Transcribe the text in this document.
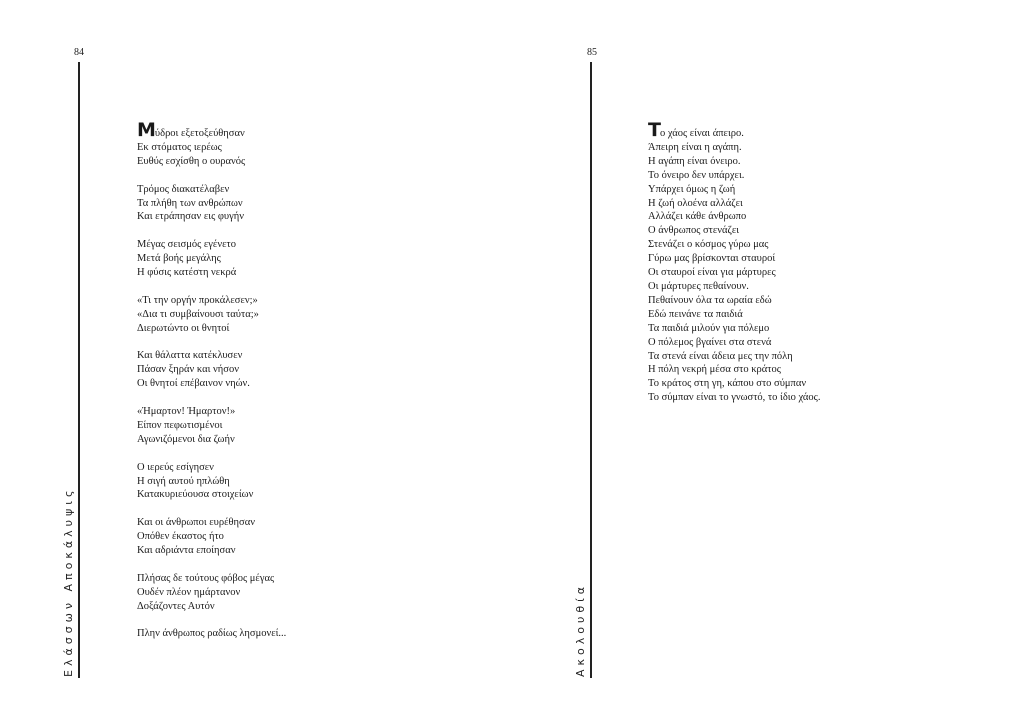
84
Ελάσσων Αποκάλυψις
Μύδροι εξετοξεύθησαν
Εκ στόματος ιερέως
Ευθύς εσχίσθη ο ουρανός
Τρόμος διακατέλαβεν
Τα πλήθη των ανθρώπων
Και ετράπησαν εις φυγήν
Μέγας σεισμός εγένετο
Μετά βοής μεγάλης
Η φύσις κατέστη νεκρά
«Τι την οργήν προκάλεσεν;»
«Δια τι συμβαίνουσι ταύτα;»
Διερωτώντο οι θνητοί
Και θάλαττα κατέκλυσεν
Πάσαν ξηράν και νήσον
Οι θνητοί επέβαινον νηών.
«Ήμαρτον! Ήμαρτον!»
Είπον πεφωτισμένοι
Αγωνιζόμενοι δια ζωήν
Ο ιερεύς εσίγησεν
Η σιγή αυτού ηπλώθη
Κατακυριεύουσα στοιχείων
Και οι άνθρωποι ευρέθησαν
Οπόθεν έκαστος ήτο
Και αδριάντα εποίησαν
Πλήσας δε τούτους φόβος μέγας
Ουδέν πλέον ημάρτανον
Δοξάζοντες Αυτόν
Πλην άνθρωπος ραδίως λησμονεί...
85
Ακολουθία
Το χάος είναι άπειρο.
Άπειρη είναι η αγάπη.
Η αγάπη είναι όνειρο.
Το όνειρο δεν υπάρχει.
Υπάρχει όμως η ζωή
Η ζωή ολοένα αλλάζει
Αλλάζει κάθε άνθρωπο
Ο άνθρωπος στενάζει
Στενάζει ο κόσμος γύρω μας
Γύρω μας βρίσκονται σταυροί
Οι σταυροί είναι για μάρτυρες
Οι μάρτυρες πεθαίνουν.
Πεθαίνουν όλα τα ωραία εδώ
Εδώ πεινάνε τα παιδιά
Τα παιδιά μιλούν για πόλεμο
Ο πόλεμος βγαίνει στα στενά
Τα στενά είναι άδεια μες την πόλη
Η πόλη νεκρή μέσα στο κράτος
Το κράτος στη γη, κάπου στο σύμπαν
Το σύμπαν είναι το γνωστό, το ίδιο χάος.
